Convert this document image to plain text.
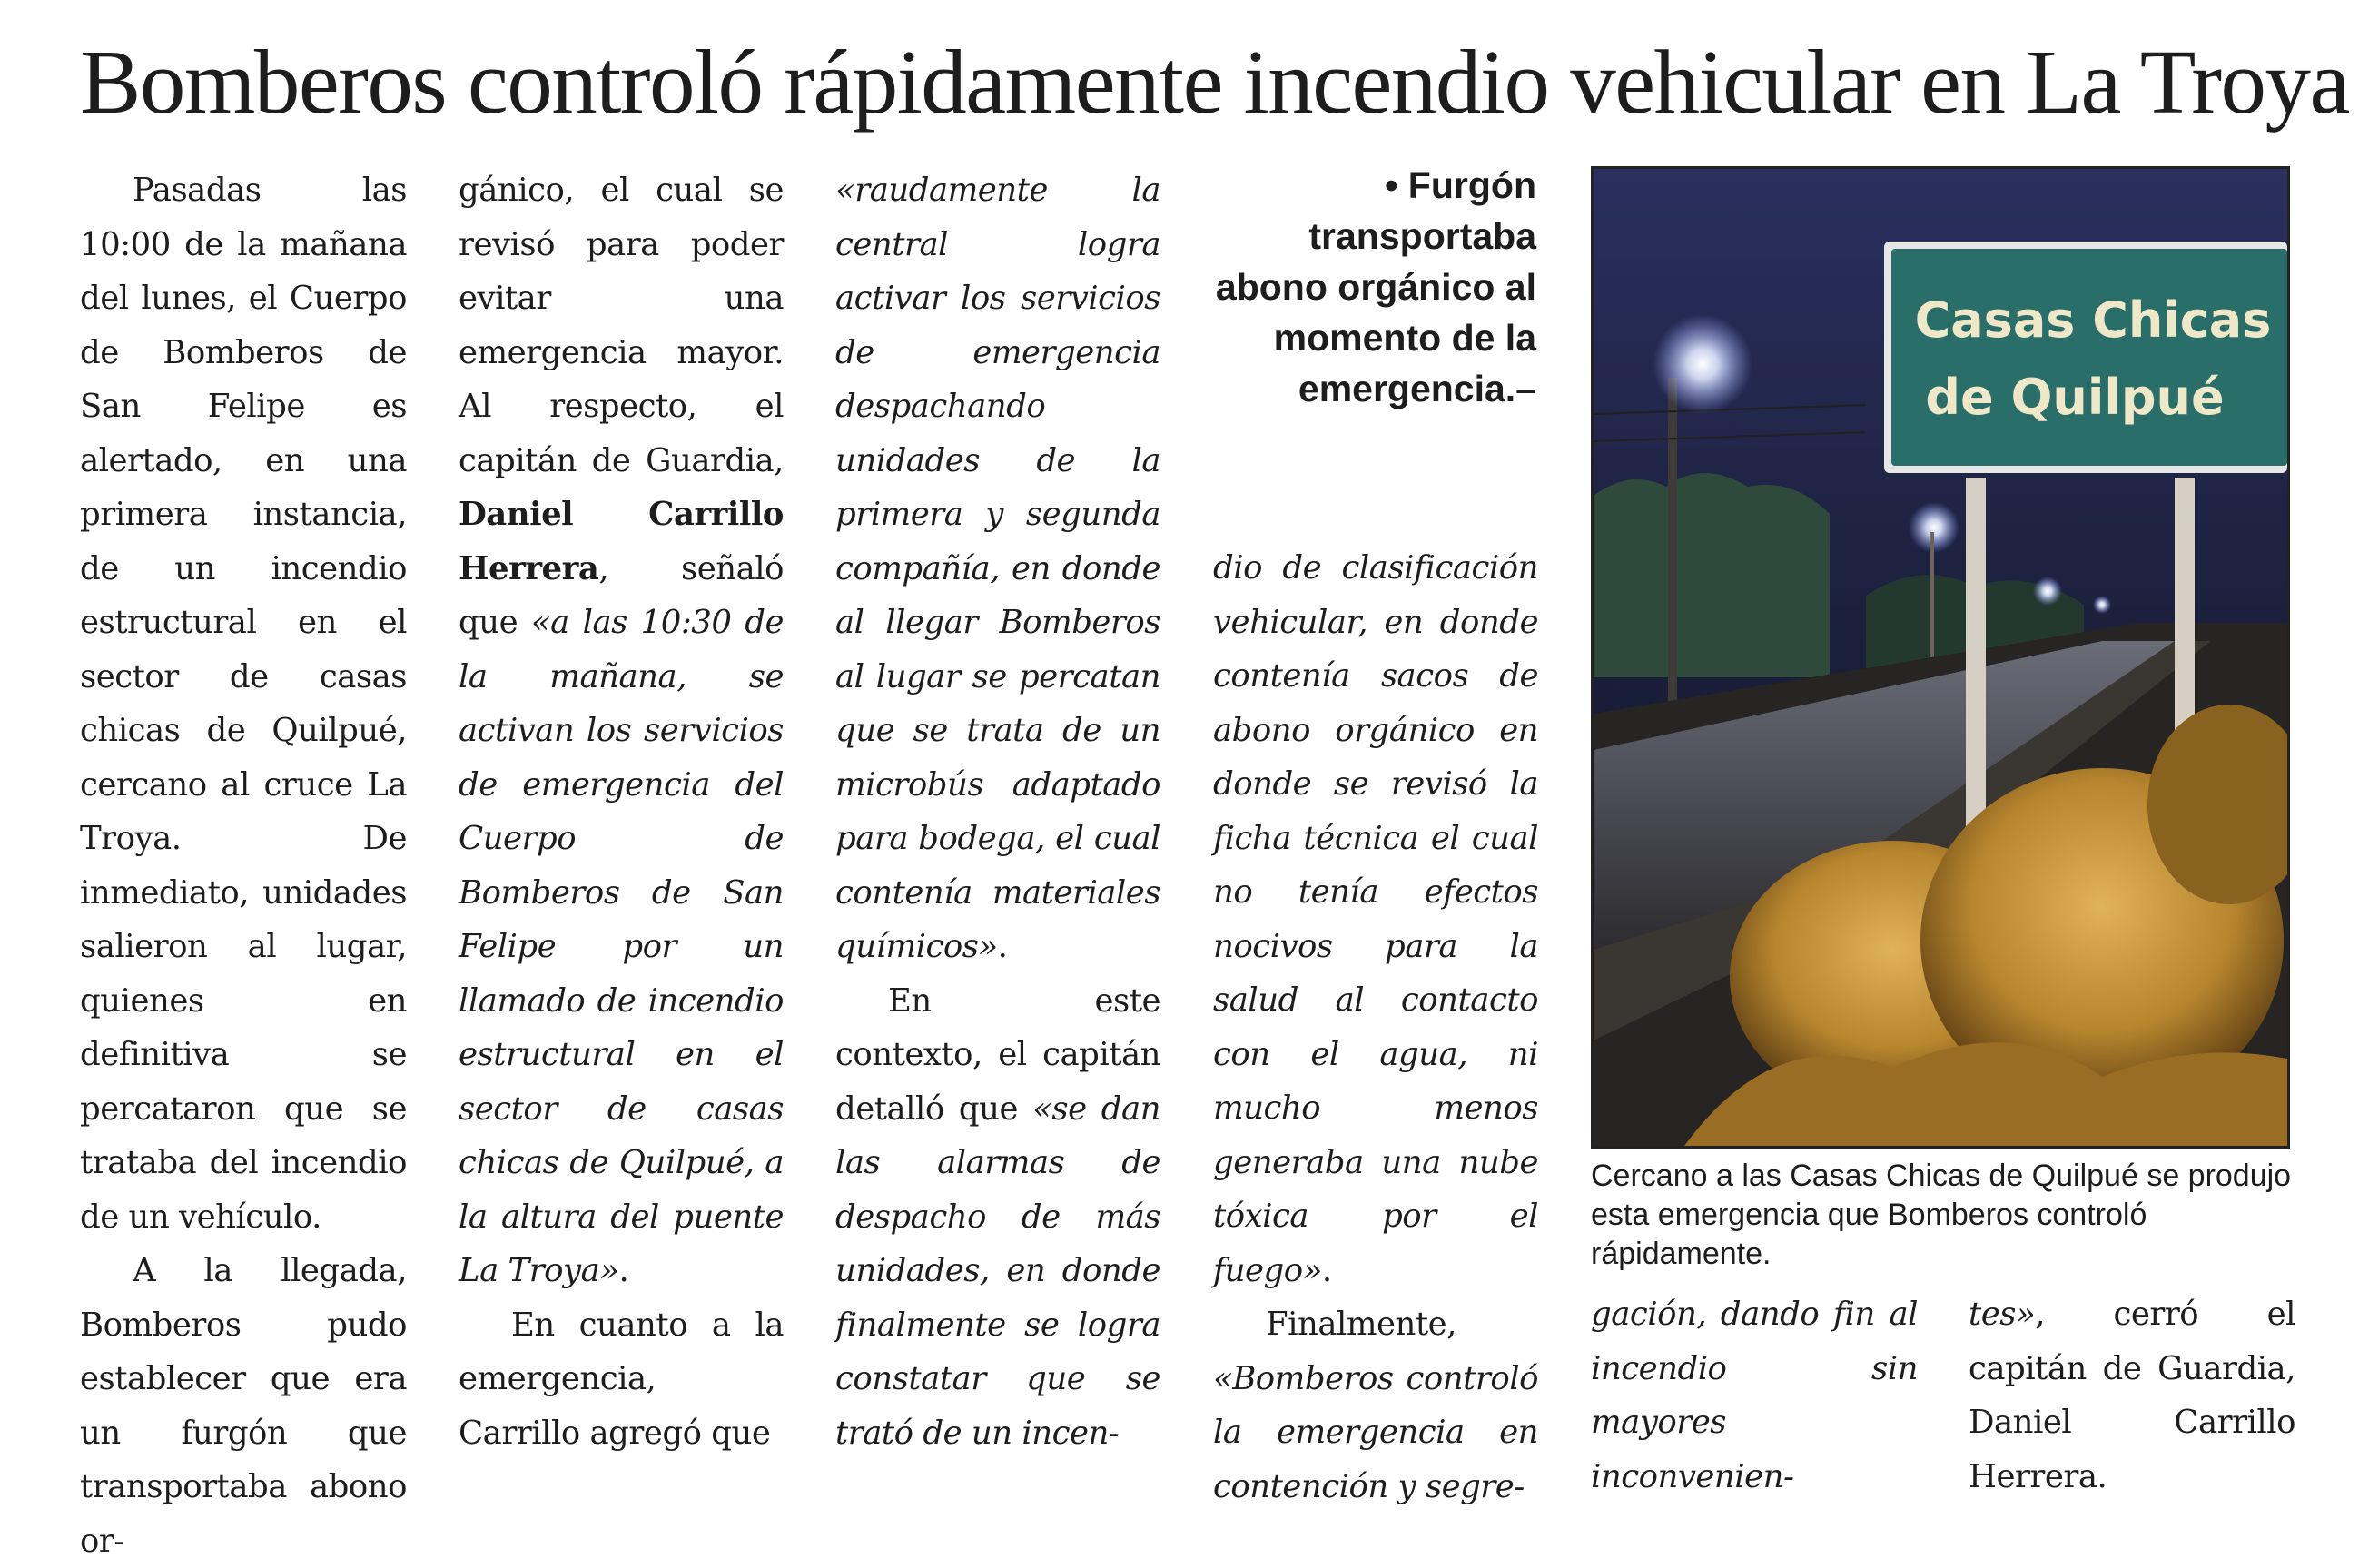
Bomberos controló rápidamente incendio vehicular en La Troya

Pasadas las 10:00 de la mañana del lunes, el Cuerpo de Bomberos de San Felipe es alertado, en una primera instancia, de un incendio estructural en el sector de casas chicas de Quilpué, cercano al cruce La Troya. De inmediato, unidades salieron al lugar, quienes en definitiva se percataron que se trataba del incendio de un vehículo.

A la llegada, Bomberos pudo establecer que era un furgón que transportaba abono or-

gánico, el cual se revisó para poder evitar una emergencia mayor. Al respecto, el capitán de Guardia, Daniel Carrillo Herrera, señaló que «a las 10:30 de la mañana, se activan los servicios de emergencia del Cuerpo de Bomberos de San Felipe por un llamado de incendio estructural en el sector de casas chicas de Quilpué, a la altura del puente La Troya».

En cuanto a la emergencia, Carrillo agregó que

«raudamente la central logra activar los servicios de emergencia despachando unidades de la primera y segunda compañía, en donde al llegar Bomberos al lugar se percatan que se trata de un microbús adaptado para bodega, el cual contenía materiales químicos».

En este contexto, el capitán detalló que «se dan las alarmas de despacho de más unidades, en donde finalmente se logra constatar que se trató de un incen-

• Furgón transportaba abono orgánico al momento de la emergencia.–

dio de clasificación vehicular, en donde contenía sacos de abono orgánico en donde se revisó la ficha técnica el cual no tenía efectos nocivos para la salud al contacto con el agua, ni mucho menos generaba una nube tóxica por el fuego».

Finalmente, «Bomberos controló la emergencia en contención y segre-

Casas Chicas
de Quilpué

Cercano a las Casas Chicas de Quilpué se produjo esta emergencia que Bomberos controló rápidamente.

gación, dando fin al incendio sin mayores inconvenien-

tes», cerró el capitán de Guardia, Daniel Carrillo Herrera.
